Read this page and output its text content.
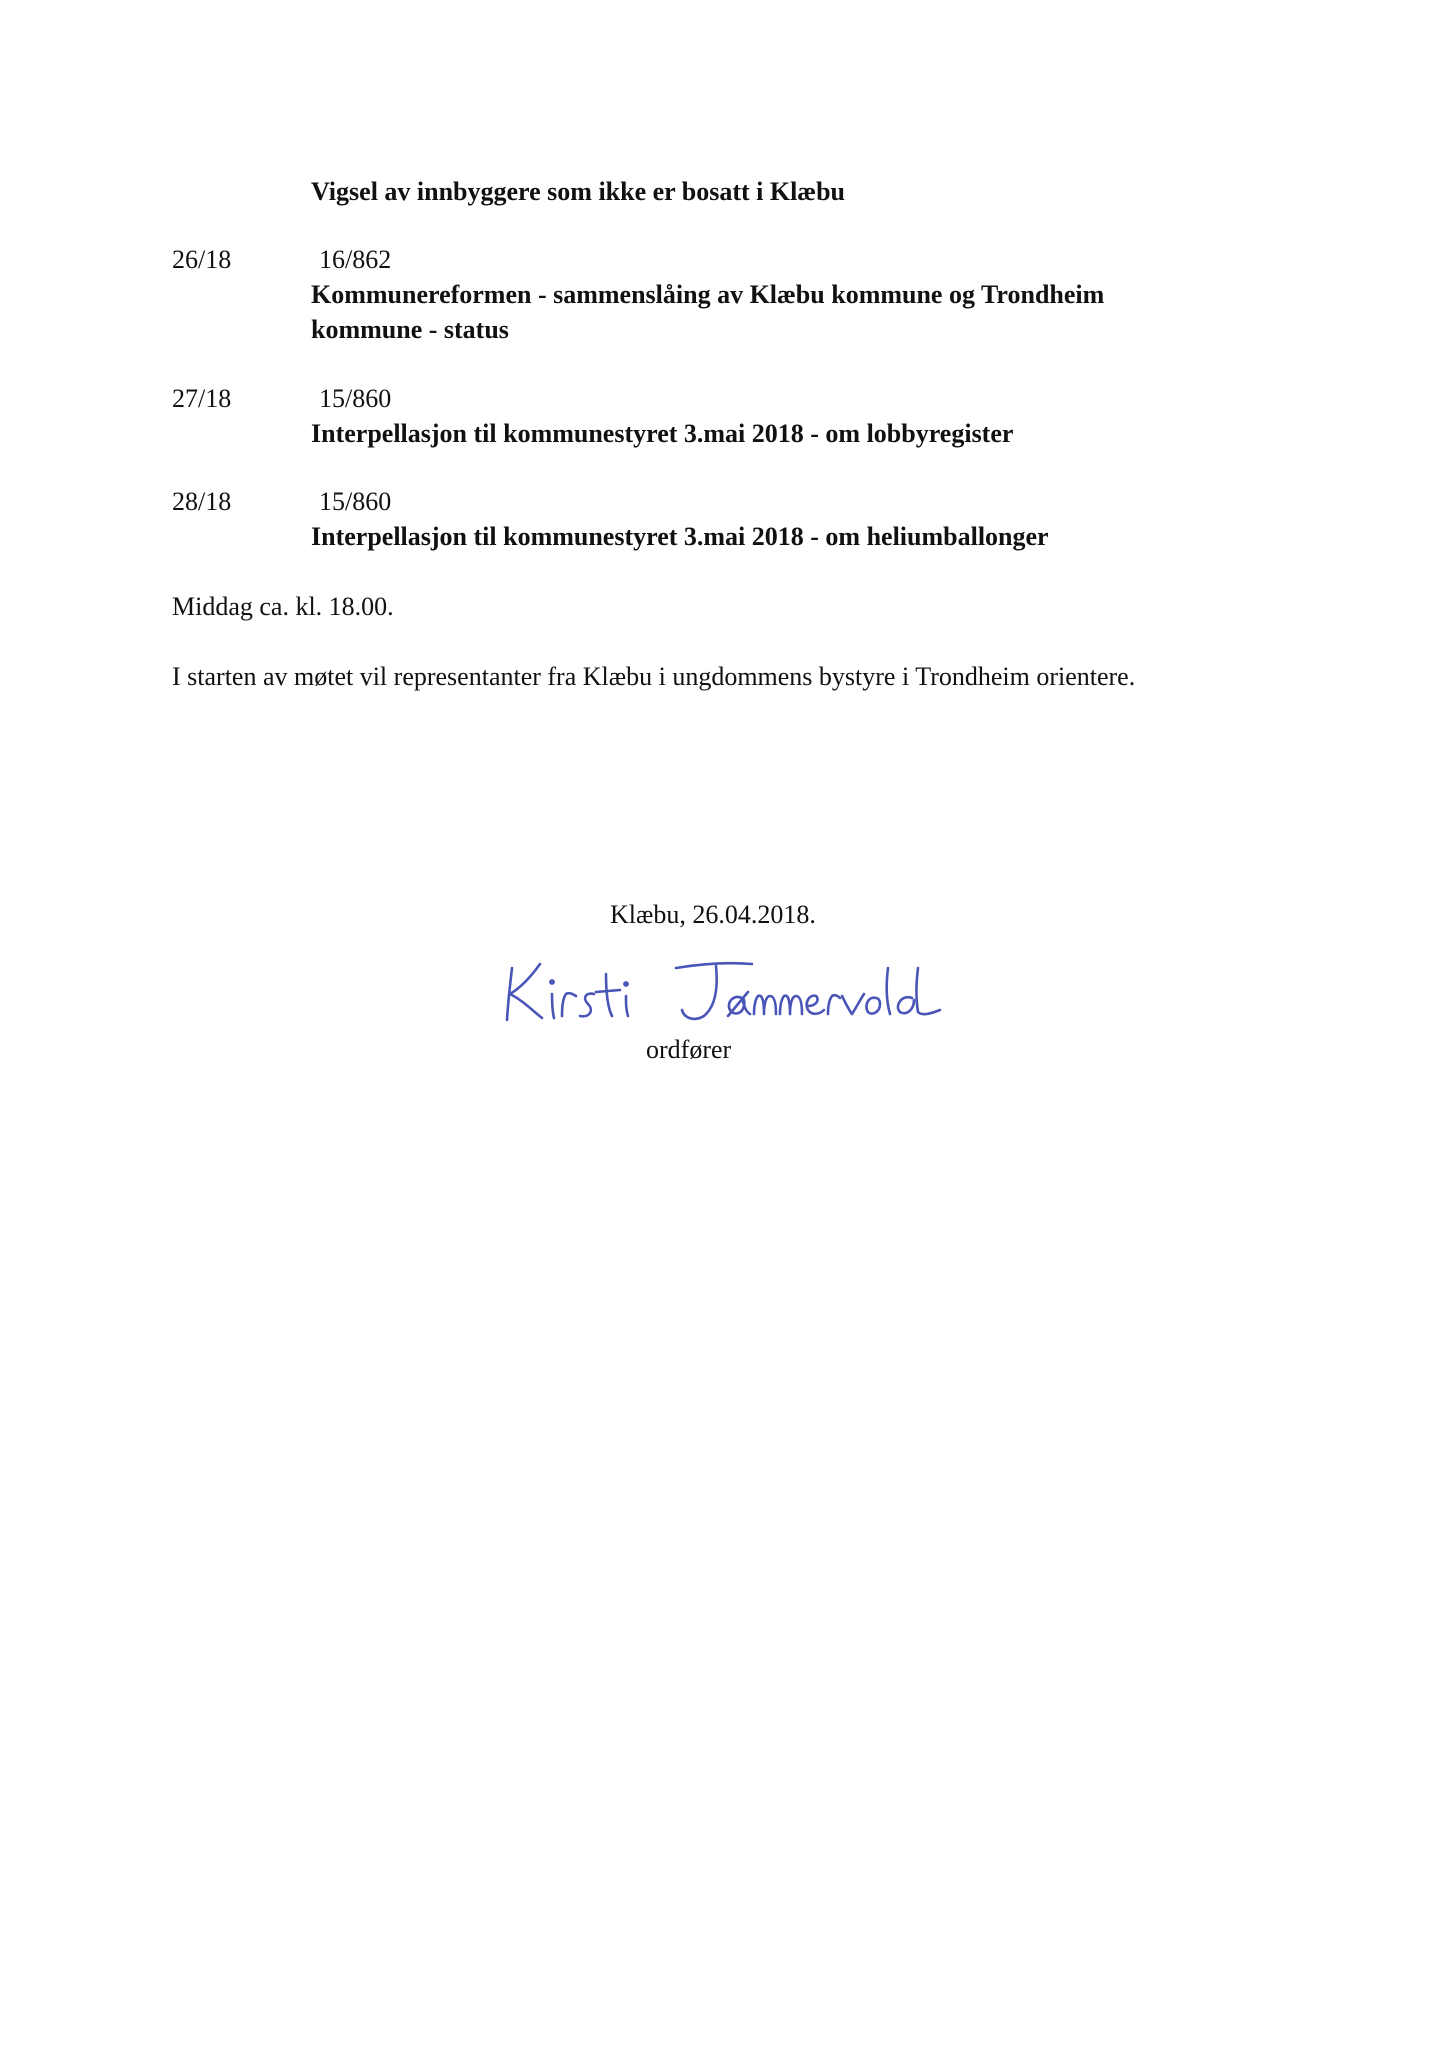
Vigsel av innbyggere som ikke er bosatt i Klæbu
26/18	16/862
Kommunereformen - sammenslåing av Klæbu kommune og Trondheim
kommune - status
27/18	15/860
Interpellasjon til kommunestyret 3.mai 2018 - om lobbyregister
28/18	15/860
Interpellasjon til kommunestyret 3.mai 2018 - om heliumballonger
Middag ca. kl. 18.00.
I starten av møtet vil representanter fra Klæbu i ungdommens bystyre i Trondheim orientere.
Klæbu, 26.04.2018.
ordfører
